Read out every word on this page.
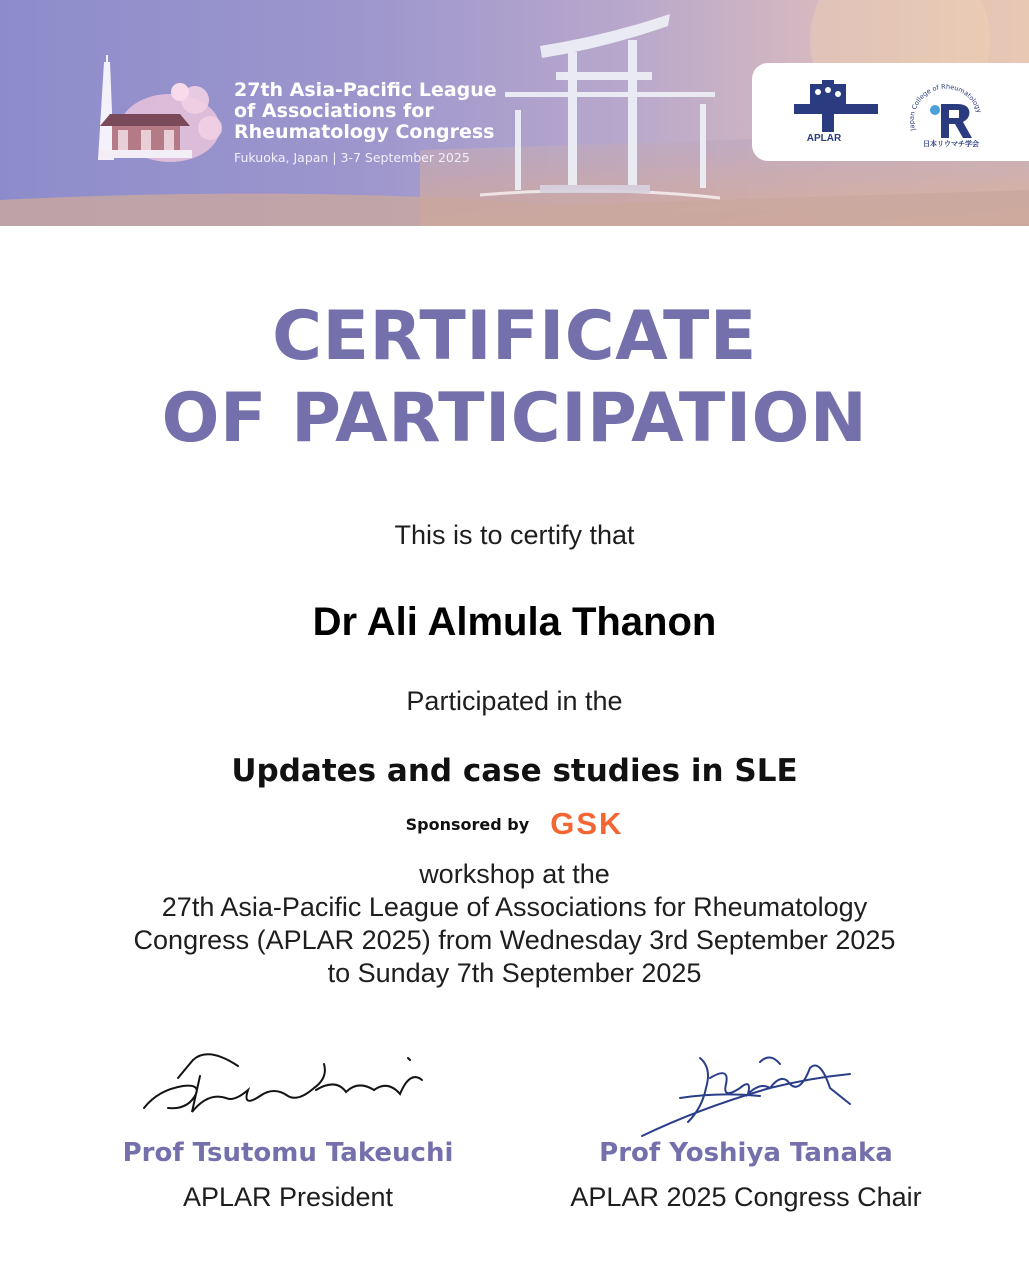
27th Asia-Pacific League
of Associations for
Rheumatology Congress
Fukuoka, Japan | 3-7 September 2025
APLAR
Japan College of Rheumatology
日本リウマチ学会
CERTIFICATE
OF PARTICIPATION
This is to certify that
Dr Ali Almula Thanon
Participated in the
Updates and case studies in SLE
Sponsored by GSK
workshop at the
27th Asia-Pacific League of Associations for Rheumatology
Congress (APLAR 2025) from Wednesday 3rd September 2025
to Sunday 7th September 2025
Prof Tsutomu Takeuchi
APLAR President
Prof Yoshiya Tanaka
APLAR 2025 Congress Chair
